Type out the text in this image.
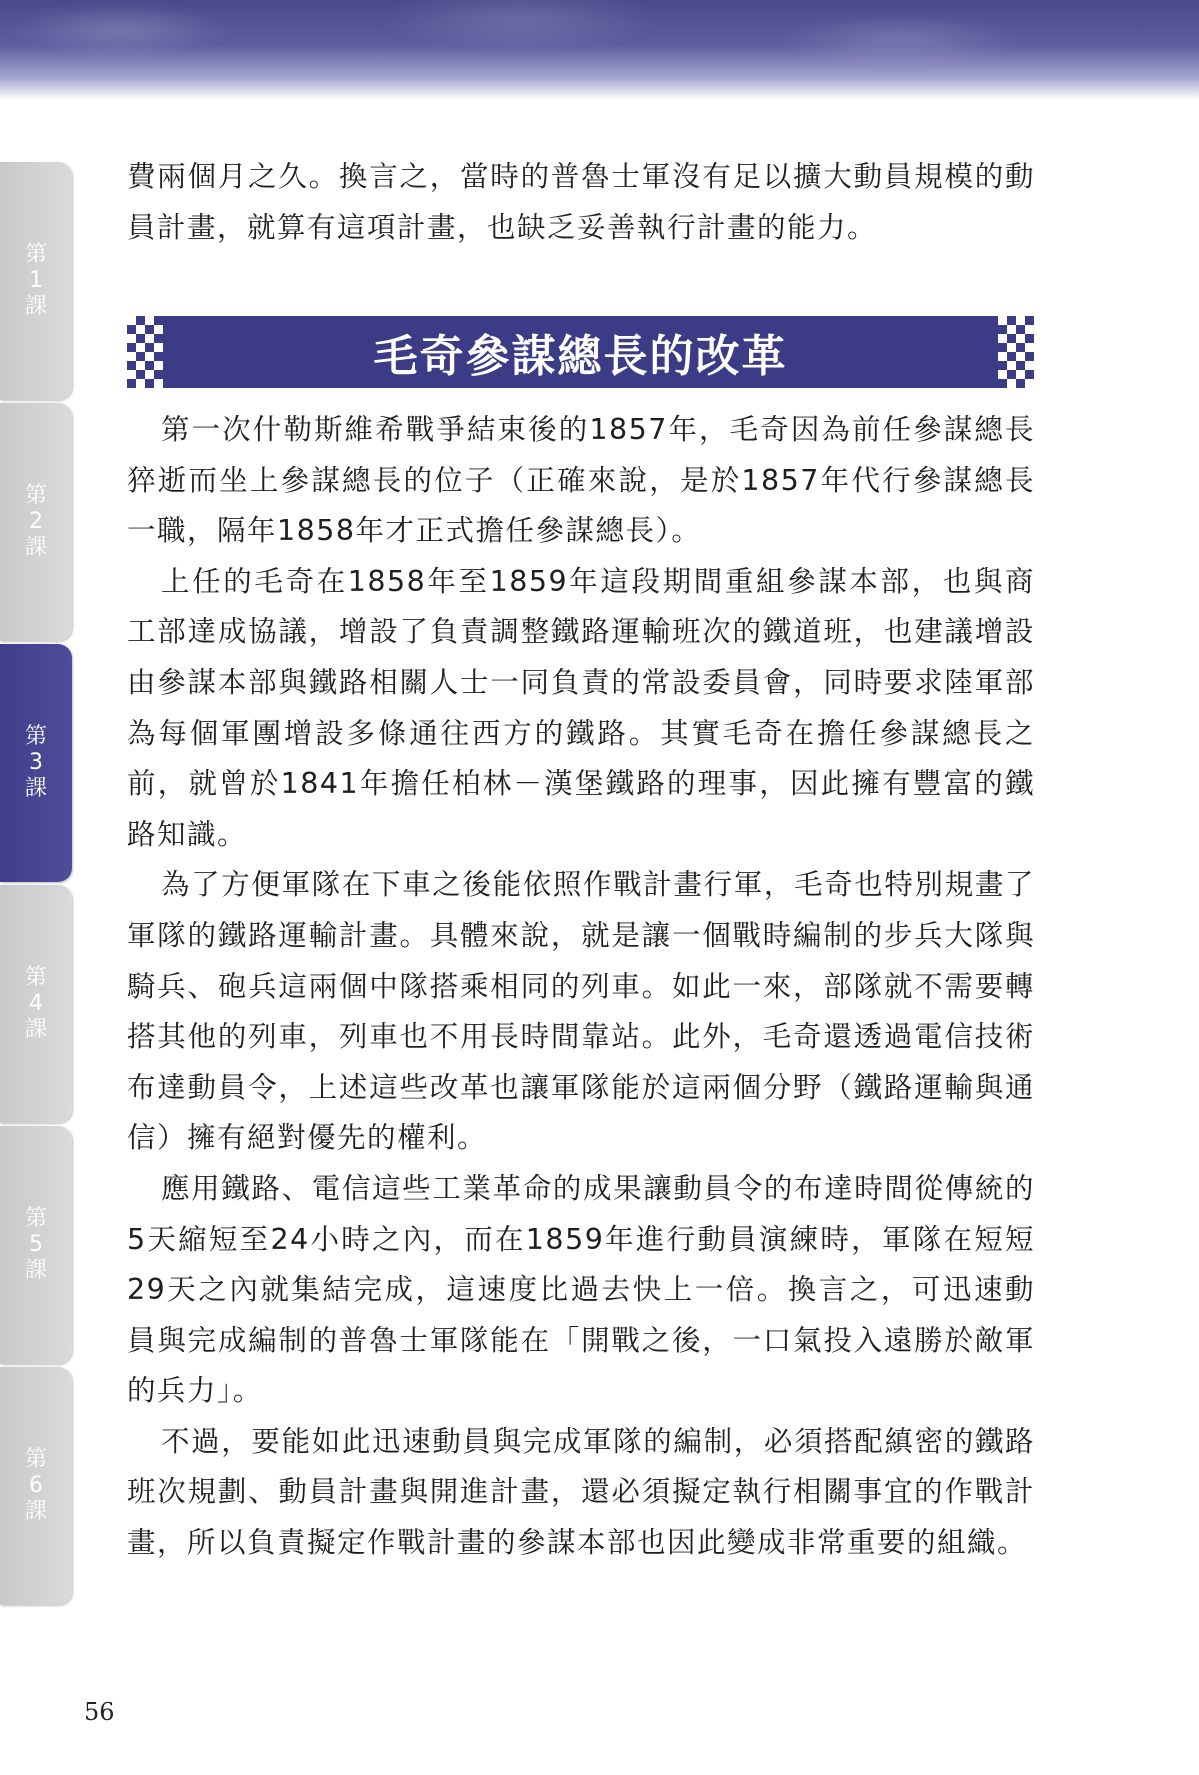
第
1
課
第
2
課
第
3
課
第
4
課
第
5
課
第
6
課

費兩個月之久。換言之，當時的普魯士軍沒有足以擴大動員規模的動員計畫，就算有這項計畫，也缺乏妥善執行計畫的能力。

毛奇參謀總長的改革

第一次什勒斯維希戰爭結束後的1857年，毛奇因為前任參謀總長猝逝而坐上參謀總長的位子（正確來說，是於1857年代行參謀總長一職，隔年1858年才正式擔任參謀總長）。

上任的毛奇在1858年至1859年這段期間重組參謀本部，也與商工部達成協議，增設了負責調整鐵路運輸班次的鐵道班，也建議增設由參謀本部與鐵路相關人士一同負責的常設委員會，同時要求陸軍部為每個軍團增設多條通往西方的鐵路。其實毛奇在擔任參謀總長之前，就曾於1841年擔任柏林－漢堡鐵路的理事，因此擁有豐富的鐵路知識。

為了方便軍隊在下車之後能依照作戰計畫行軍，毛奇也特別規畫了軍隊的鐵路運輸計畫。具體來說，就是讓一個戰時編制的步兵大隊與騎兵、砲兵這兩個中隊搭乘相同的列車。如此一來，部隊就不需要轉搭其他的列車，列車也不用長時間靠站。此外，毛奇還透過電信技術布達動員令，上述這些改革也讓軍隊能於這兩個分野（鐵路運輸與通信）擁有絕對優先的權利。

應用鐵路、電信這些工業革命的成果讓動員令的布達時間從傳統的5天縮短至24小時之內，而在1859年進行動員演練時，軍隊在短短29天之內就集結完成，這速度比過去快上一倍。換言之，可迅速動員與完成編制的普魯士軍隊能在「開戰之後，一口氣投入遠勝於敵軍的兵力」。

不過，要能如此迅速動員與完成軍隊的編制，必須搭配縝密的鐵路班次規劃、動員計畫與開進計畫，還必須擬定執行相關事宜的作戰計畫，所以負責擬定作戰計畫的參謀本部也因此變成非常重要的組織。

56
